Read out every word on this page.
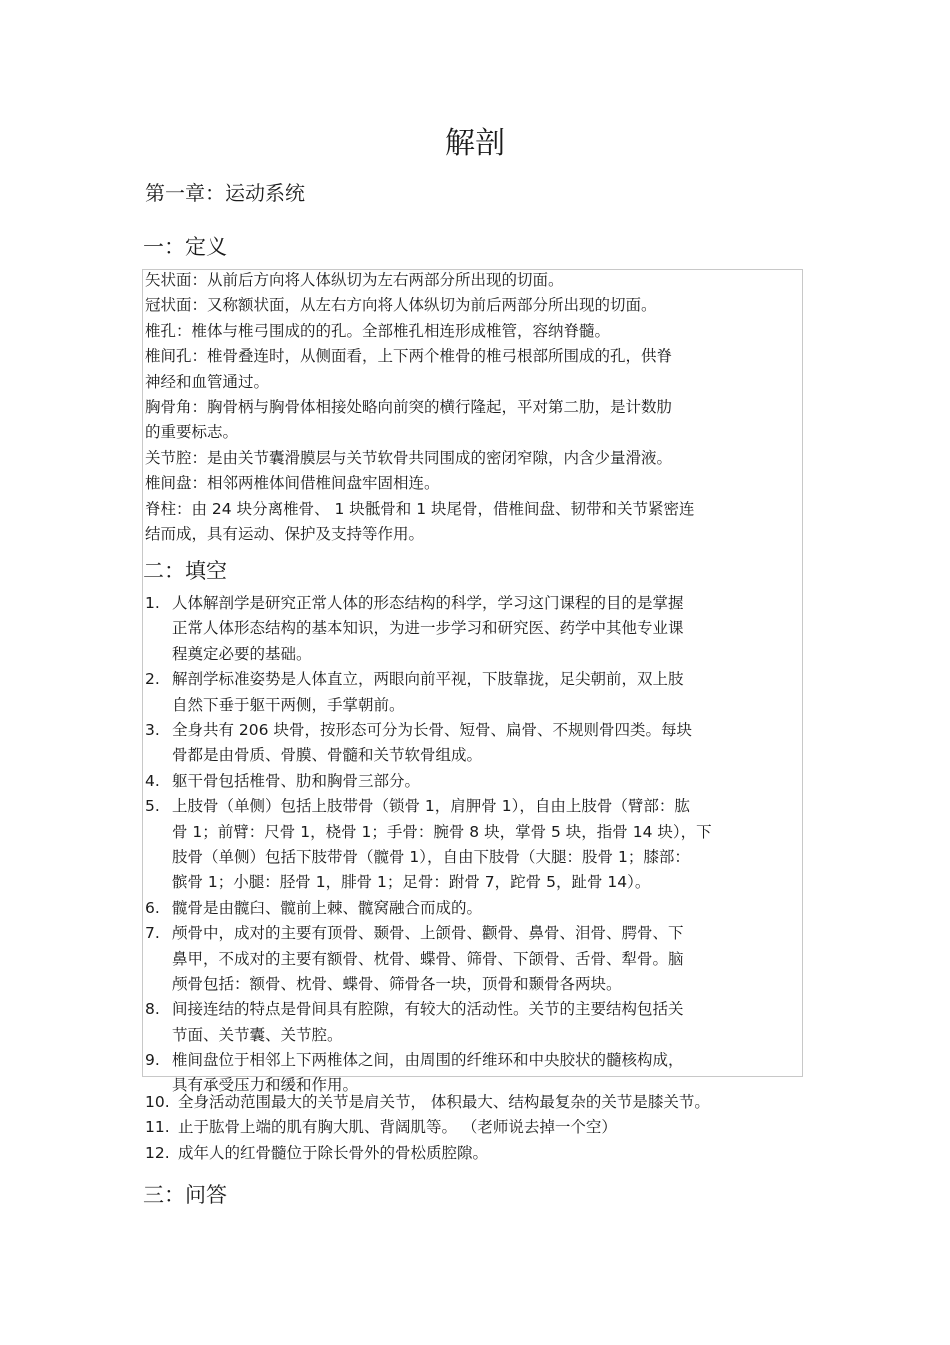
解剖
第一章：运动系统
一：定义
矢状面：从前后方向将人体纵切为左右两部分所出现的切面。
冠状面：又称额状面，从左右方向将人体纵切为前后两部分所出现的切面。
椎孔：椎体与椎弓围成的的孔。全部椎孔相连形成椎管，容纳脊髓。
椎间孔：椎骨叠连时，从侧面看，上下两个椎骨的椎弓根部所围成的孔，供脊
神经和血管通过。
胸骨角：胸骨柄与胸骨体相接处略向前突的横行隆起，平对第二肋，是计数肋
的重要标志。
关节腔：是由关节囊滑膜层与关节软骨共同围成的密闭窄隙，内含少量滑液。
椎间盘：相邻两椎体间借椎间盘牢固相连。
脊柱：由 24 块分离椎骨、 1 块骶骨和 1 块尾骨，借椎间盘、韧带和关节紧密连
结而成，具有运动、保护及支持等作用。
二：填空
1. 人体解剖学是研究正常人体的形态结构的科学，学习这门课程的目的是掌握
正常人体形态结构的基本知识，为进一步学习和研究医、药学中其他专业课
程奠定必要的基础。
2. 解剖学标准姿势是人体直立，两眼向前平视，下肢靠拢，足尖朝前，双上肢
自然下垂于躯干两侧，手掌朝前。
3. 全身共有 206 块骨，按形态可分为长骨、短骨、扁骨、不规则骨四类。每块
骨都是由骨质、骨膜、骨髓和关节软骨组成。
4. 躯干骨包括椎骨、肋和胸骨三部分。
5. 上肢骨（单侧）包括上肢带骨（锁骨 1，肩胛骨 1），自由上肢骨（臂部：肱
骨 1；前臂：尺骨 1，桡骨 1；手骨：腕骨 8 块，掌骨 5 块，指骨 14 块），下
肢骨（单侧）包括下肢带骨（髋骨 1），自由下肢骨（大腿：股骨 1；膝部：
髌骨 1；小腿：胫骨 1，腓骨 1；足骨：跗骨 7，跎骨 5，趾骨 14）。
6. 髋骨是由髋臼、髋前上棘、髋窝融合而成的。
7. 颅骨中，成对的主要有顶骨、颞骨、上颌骨、颧骨、鼻骨、泪骨、腭骨、下
鼻甲，不成对的主要有额骨、枕骨、蝶骨、筛骨、下颌骨、舌骨、犁骨。脑
颅骨包括：额骨、枕骨、蝶骨、筛骨各一块，顶骨和颞骨各两块。
8. 间接连结的特点是骨间具有腔隙，有较大的活动性。关节的主要结构包括关
节面、关节囊、关节腔。
9. 椎间盘位于相邻上下两椎体之间，由周围的纤维环和中央胶状的髓核构成，
具有承受压力和缓和作用。
10. 全身活动范围最大的关节是肩关节， 体积最大、结构最复杂的关节是膝关节。
11. 止于肱骨上端的肌有胸大肌、背阔肌等。 （老师说去掉一个空）
12. 成年人的红骨髓位于除长骨外的骨松质腔隙。
三：问答
